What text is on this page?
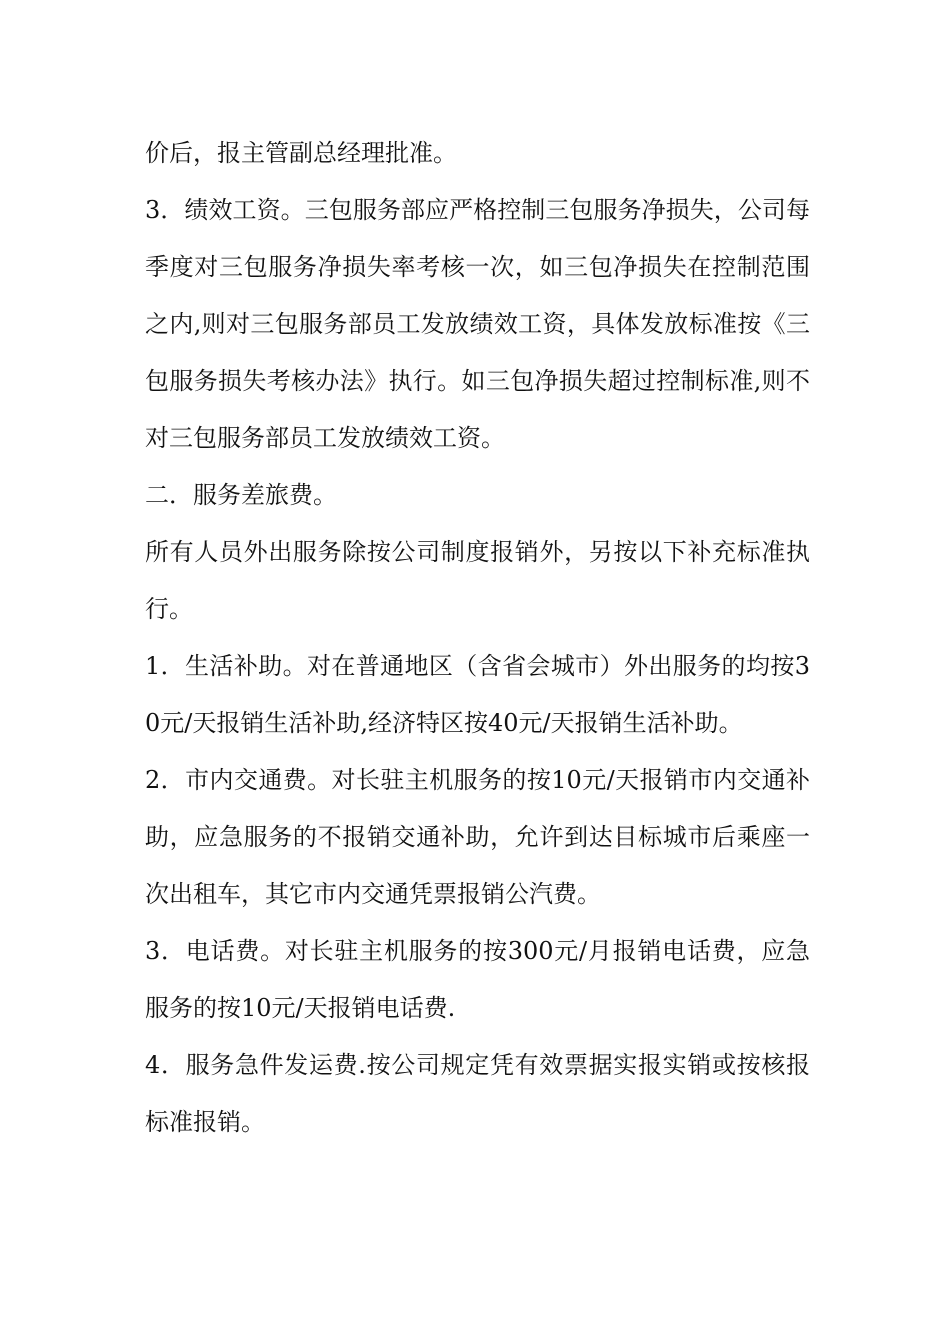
价后，报主管副总经理批准。

3．绩效工资。三包服务部应严格控制三包服务净损失，公司每季度对三包服务净损失率考核一次，如三包净损失在控制范围之内,则对三包服务部员工发放绩效工资，具体发放标准按《三包服务损失考核办法》执行。如三包净损失超过控制标准,则不对三包服务部员工发放绩效工资。

二．服务差旅费。

所有人员外出服务除按公司制度报销外，另按以下补充标准执行。

1．生活补助。对在普通地区（含省会城市）外出服务的均按30元/天报销生活补助,经济特区按40元/天报销生活补助。

2．市内交通费。对长驻主机服务的按10元/天报销市内交通补助，应急服务的不报销交通补助，允许到达目标城市后乘座一次出租车，其它市内交通凭票报销公汽费。

3．电话费。对长驻主机服务的按300元/月报销电话费，应急服务的按10元/天报销电话费.

4．服务急件发运费.按公司规定凭有效票据实报实销或按核报标准报销。
